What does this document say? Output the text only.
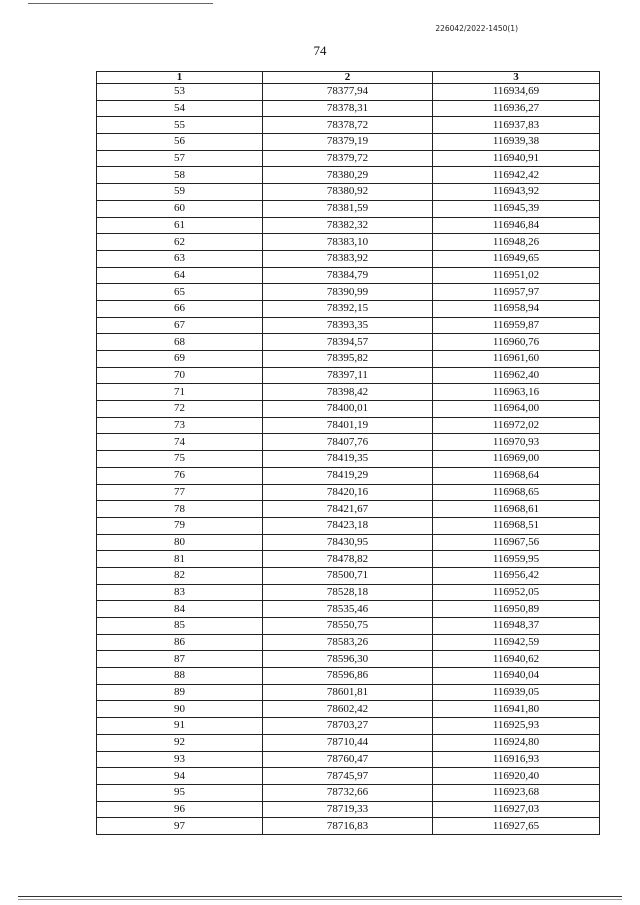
226042/2022-1450(1)
74
1	2	3
53	78377,94	116934,69
54	78378,31	116936,27
55	78378,72	116937,83
56	78379,19	116939,38
57	78379,72	116940,91
58	78380,29	116942,42
59	78380,92	116943,92
60	78381,59	116945,39
61	78382,32	116946,84
62	78383,10	116948,26
63	78383,92	116949,65
64	78384,79	116951,02
65	78390,99	116957,97
66	78392,15	116958,94
67	78393,35	116959,87
68	78394,57	116960,76
69	78395,82	116961,60
70	78397,11	116962,40
71	78398,42	116963,16
72	78400,01	116964,00
73	78401,19	116972,02
74	78407,76	116970,93
75	78419,35	116969,00
76	78419,29	116968,64
77	78420,16	116968,65
78	78421,67	116968,61
79	78423,18	116968,51
80	78430,95	116967,56
81	78478,82	116959,95
82	78500,71	116956,42
83	78528,18	116952,05
84	78535,46	116950,89
85	78550,75	116948,37
86	78583,26	116942,59
87	78596,30	116940,62
88	78596,86	116940,04
89	78601,81	116939,05
90	78602,42	116941,80
91	78703,27	116925,93
92	78710,44	116924,80
93	78760,47	116916,93
94	78745,97	116920,40
95	78732,66	116923,68
96	78719,33	116927,03
97	78716,83	116927,65
